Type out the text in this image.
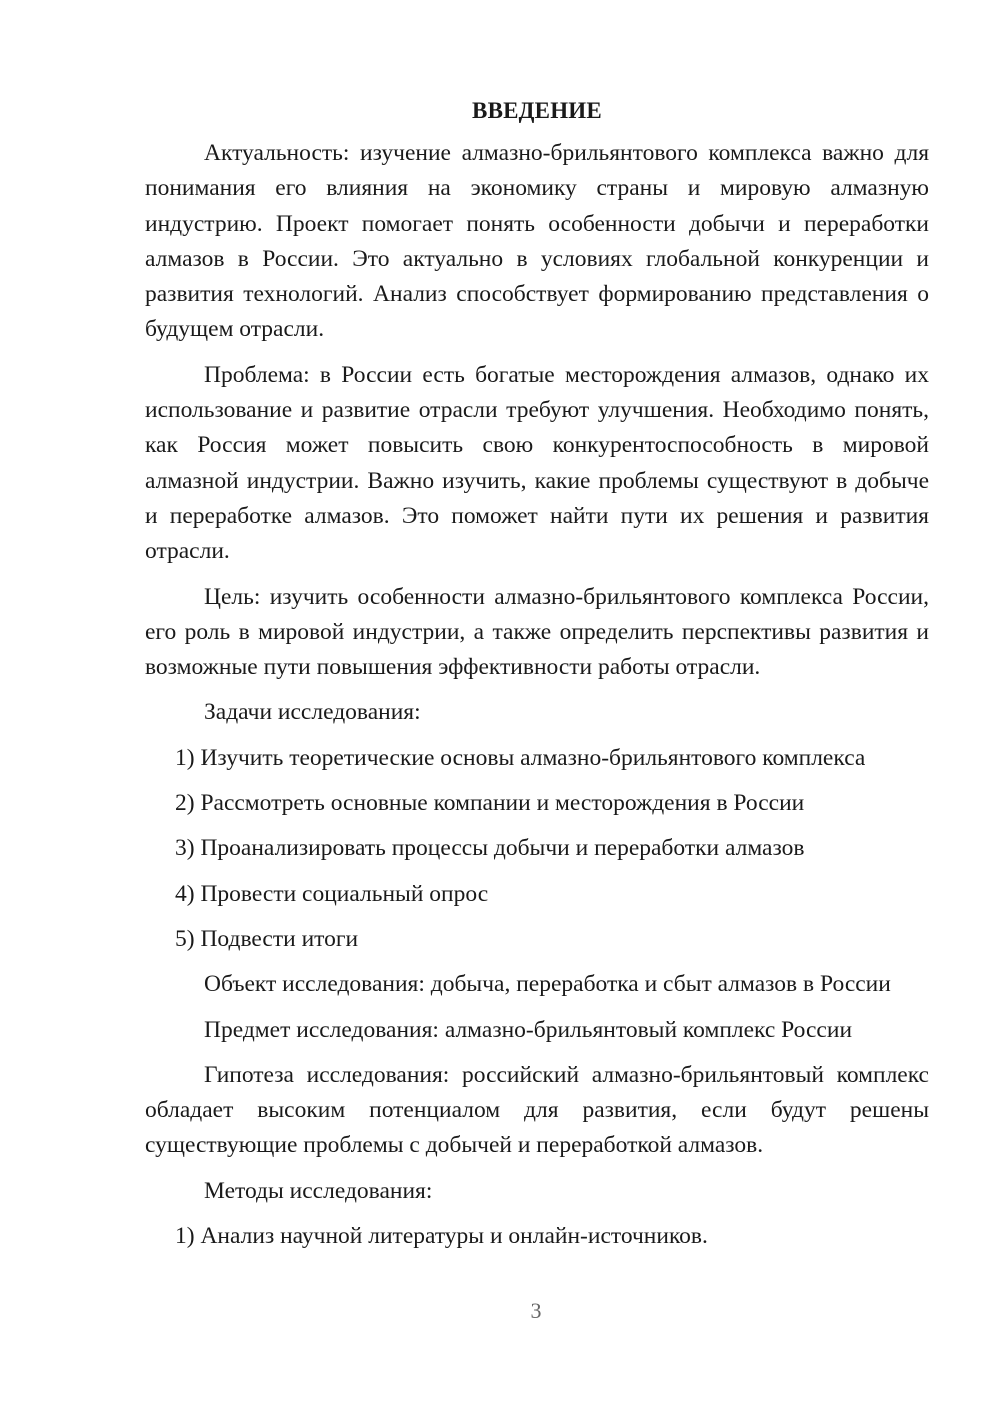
ВВЕДЕНИЕ

Актуальность: изучение алмазно-брильянтового комплекса важно для понимания его влияния на экономику страны и мировую алмазную индустрию. Проект помогает понять особенности добычи и переработки алмазов в России. Это актуально в условиях глобальной конкуренции и развития технологий. Анализ способствует формированию представления о будущем отрасли.

Проблема: в России есть богатые месторождения алмазов, однако их использование и развитие отрасли требуют улучшения. Необходимо понять, как Россия может повысить свою конкурентоспособность в мировой алмазной индустрии. Важно изучить, какие проблемы существуют в добыче и переработке алмазов. Это поможет найти пути их решения и развития отрасли.

Цель: изучить особенности алмазно-брильянтового комплекса России, его роль в мировой индустрии, а также определить перспективы развития и возможные пути повышения эффективности работы отрасли.

Задачи исследования:

1) Изучить теоретические основы алмазно-брильянтового комплекса
2) Рассмотреть основные компании и месторождения в России
3) Проанализировать процессы добычи и переработки алмазов
4) Провести социальный опрос
5) Подвести итоги

Объект исследования: добыча, переработка и сбыт алмазов в России

Предмет исследования: алмазно-брильянтовый комплекс России

Гипотеза исследования: российский алмазно-брильянтовый комплекс обладает высоким потенциалом для развития, если будут решены существующие проблемы с добычей и переработкой алмазов.

Методы исследования:

1) Анализ научной литературы и онлайн-источников.
3
